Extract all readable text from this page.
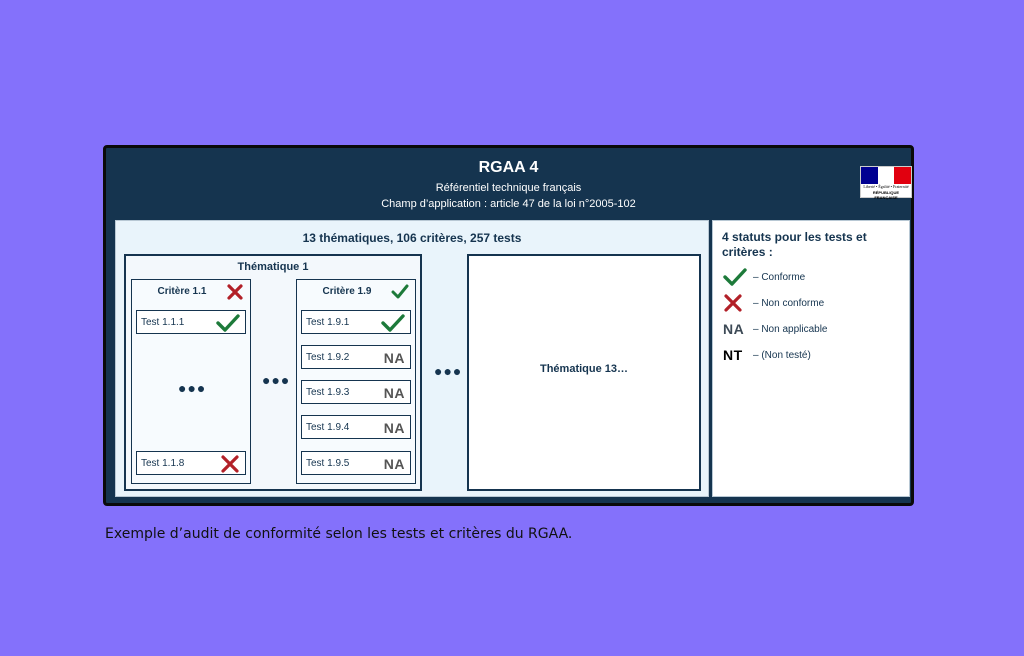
RGAA 4
Référentiel technique français
Champ d’application : article 47 de la loi n°2005-102
Liberté • Égalité • Fraternité
RÉPUBLIQUE FRANÇAISE
13 thématiques, 106 critères, 257 tests
Thématique 1
Critère 1.1
Test 1.1.1
●●●
Test 1.1.8
●●●
Critère 1.9
Test 1.9.1
Test 1.9.2 NA
Test 1.9.3 NA
Test 1.9.4 NA
Test 1.9.5 NA
●●●	Thématique 13…
4 statuts pour les tests et critères :
– Conforme
– Non conforme
NA – Non applicable
NT – (Non testé)
Exemple d’audit de conformité selon les tests et critères du RGAA.
